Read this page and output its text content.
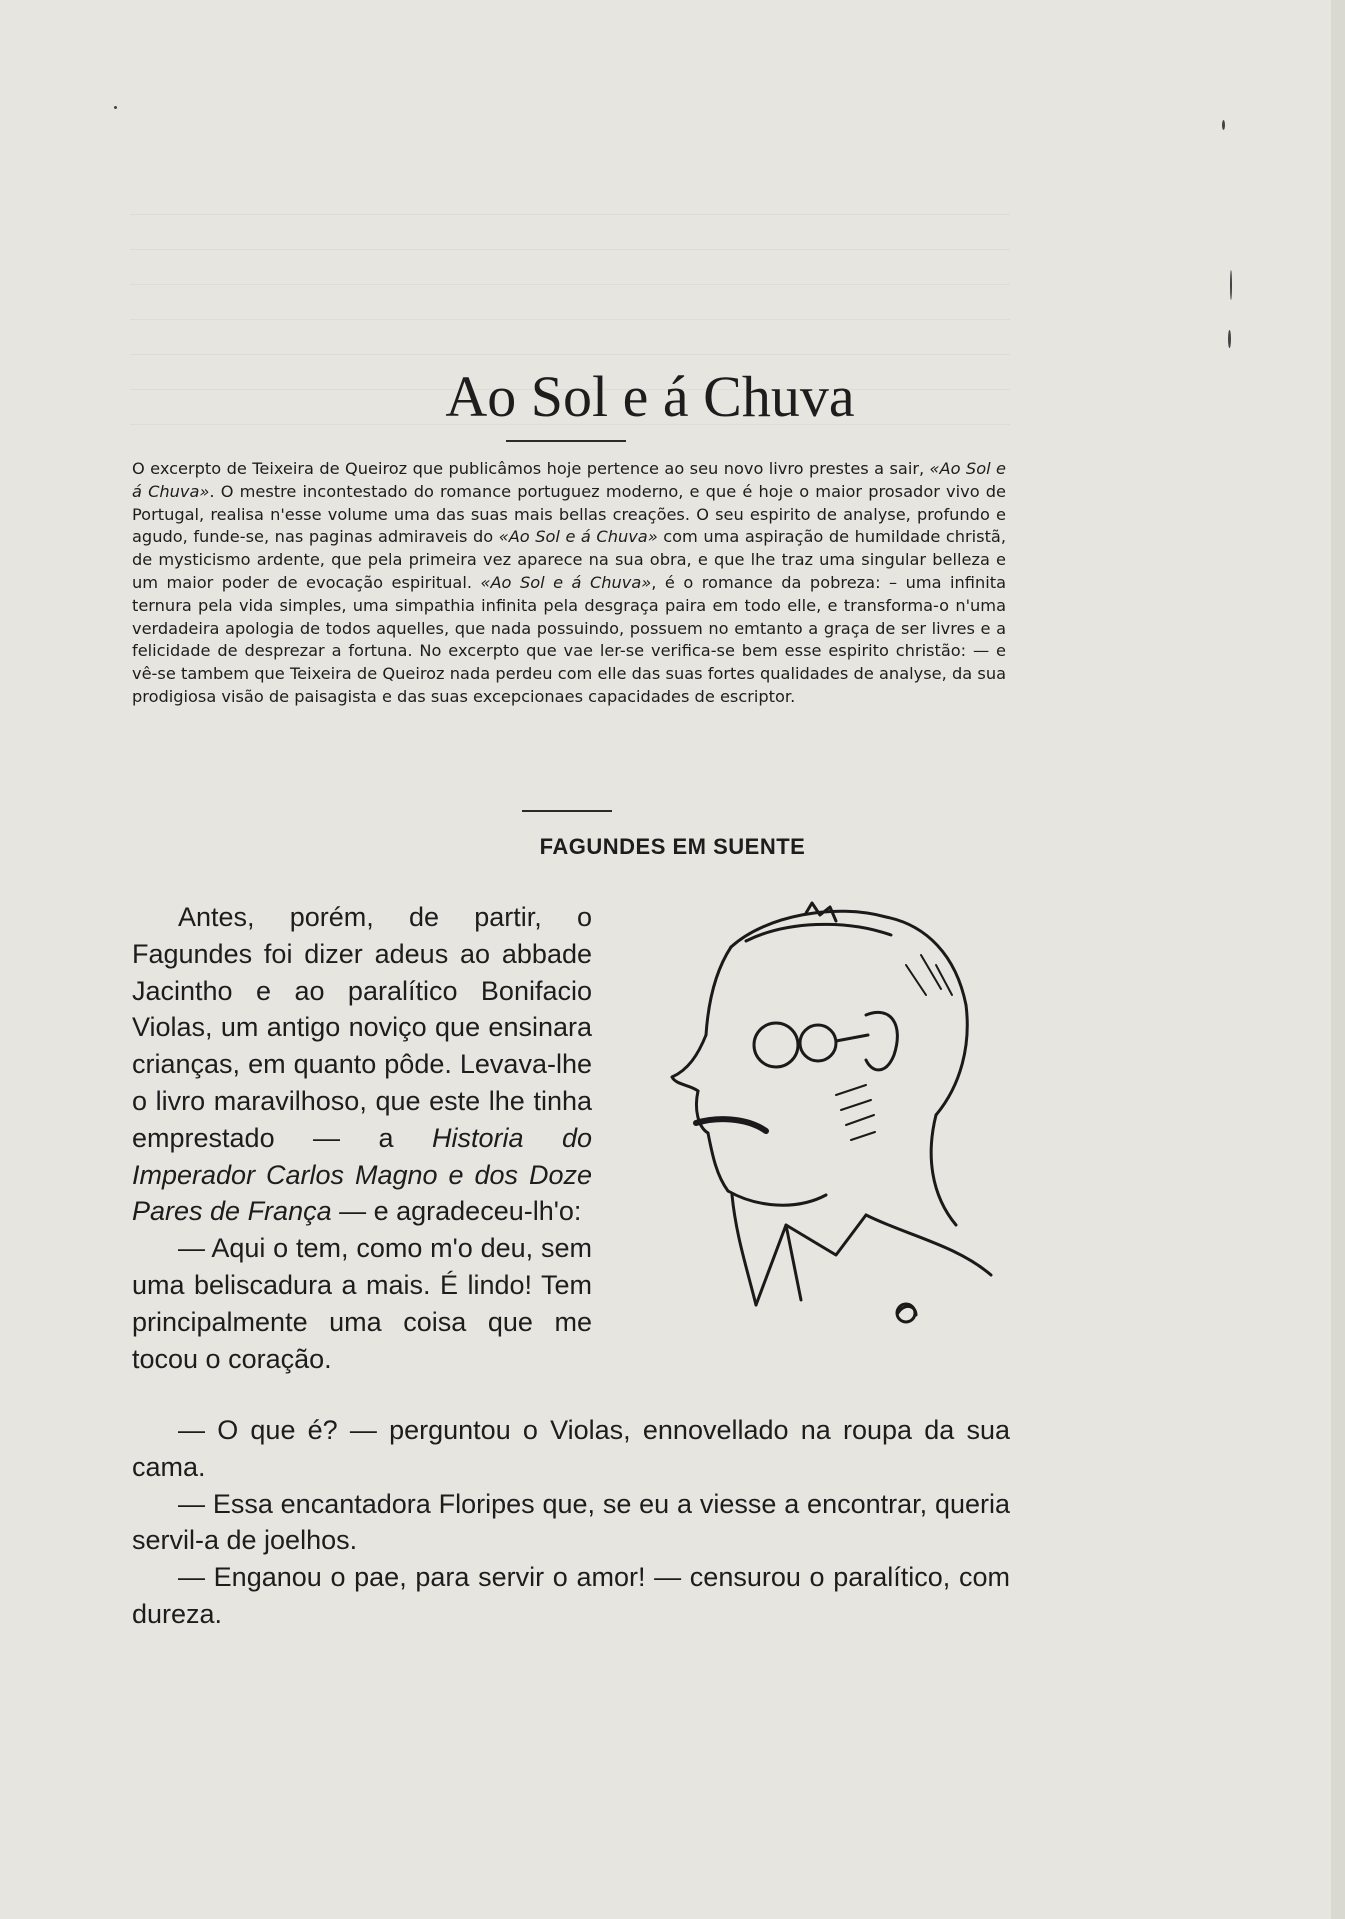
Ao Sol e á Chuva

O excerpto de Teixeira de Queiroz que publicâmos hoje pertence ao seu novo livro prestes a sair, «Ao Sol e á Chuva». O mestre incontestado do romance portuguez moderno, e que é hoje o maior prosador vivo de Portugal, realisa n'esse volume uma das suas mais bellas creações. O seu espirito de analyse, profundo e agudo, funde-se, nas paginas admiraveis do «Ao Sol e á Chuva» com uma aspiração de humildade christã, de mysticismo ardente, que pela primeira vez aparece na sua obra, e que lhe traz uma singular belleza e um maior poder de evocação espiritual. «Ao Sol e á Chuva», é o romance da pobreza: – uma infinita ternura pela vida simples, uma simpathia infinita pela desgraça paira em todo elle, e transforma-o n'uma verdadeira apologia de todos aquelles, que nada possuindo, possuem no emtanto a graça de ser livres e a felicidade de desprezar a fortuna. No excerpto que vae ler-se verifica-se bem esse espirito christão: — e vê-se tambem que Teixeira de Queiroz nada perdeu com elle das suas fortes qualidades de analyse, da sua prodigiosa visão de paisagista e das suas excepcionaes capacidades de escriptor.

FAGUNDES EM SUENTE

Antes, porém, de partir, o Fagundes foi dizer adeus ao abbade Jacintho e ao paralítico Bonifacio Violas, um antigo noviço que ensinara crianças, em quanto pôde. Levava-lhe o livro maravilhoso, que este lhe tinha emprestado — a Historia do Imperador Carlos Magno e dos Doze Pares de França — e agradeceu-lh'o:

— Aqui o tem, como m'o deu, sem uma beliscadura a mais. É lindo! Tem principalmente uma coisa que me tocou o coração.

— O que é? — perguntou o Violas, ennovellado na roupa da sua cama.

— Essa encantadora Floripes que, se eu a viesse a encontrar, queria servil-a de joelhos.

— Enganou o pae, para servir o amor! — censurou o paralítico, com dureza.
